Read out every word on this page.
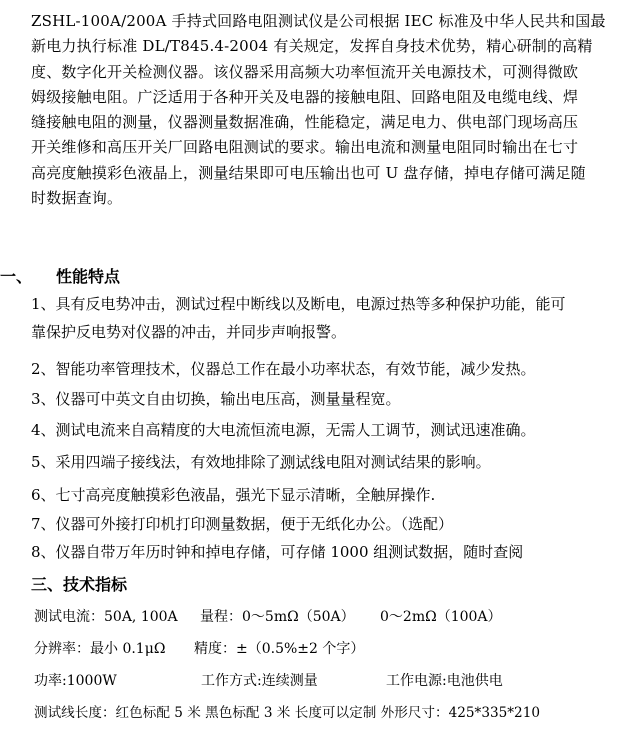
ZSHL-100A/200A 手持式回路电阻测试仪是公司根据 IEC 标准及中华人民共和国最
新电力执行标准 DL/T845.4-2004 有关规定，发挥自身技术优势，精心研制的高精
度、数字化开关检测仪器。该仪器采用高频大功率恒流开关电源技术，可测得微欧
姆级接触电阻。广泛适用于各种开关及电器的接触电阻、回路电阻及电缆电线、焊
缝接触电阻的测量，仪器测量数据准确，性能稳定，满足电力、供电部门现场高压
开关维修和高压开关厂回路电阻测试的要求。输出电流和测量电阻同时输出在七寸
高亮度触摸彩色液晶上，测量结果即可电压输出也可 U 盘存储，掉电存储可满足随
时数据查询。
一、 性能特点
1、具有反电势冲击，测试过程中断线以及断电，电源过热等多种保护功能，能可
靠保护反电势对仪器的冲击，并同步声响报警。
2、智能功率管理技术，仪器总工作在最小功率状态，有效节能，减少发热。
3、仪器可中英文自由切换，输出电压高，测量量程宽。
4、测试电流来自高精度的大电流恒流电源，无需人工调节，测试迅速准确。
5、采用四端子接线法，有效地排除了测试线电阻对测试结果的影响。
6、七寸高亮度触摸彩色液晶，强光下显示清晰，全触屏操作.
7、仪器可外接打印机打印测量数据，便于无纸化办公。（选配）
8、仪器自带万年历时钟和掉电存储，可存储 1000 组测试数据，随时查阅
三、技术指标
测试电流：50A, 100A 量程：0～5mΩ（50A） 0～2mΩ（100A）
分辨率：最小 0.1μΩ 精度：±（0.5%±2 个字）
功率:1000W	工作方式:连续测量	工作电源:电池供电
测试线长度：红色标配 5 米 黑色标配 3 米 长度可以定制 外形尺寸：425*335*210
